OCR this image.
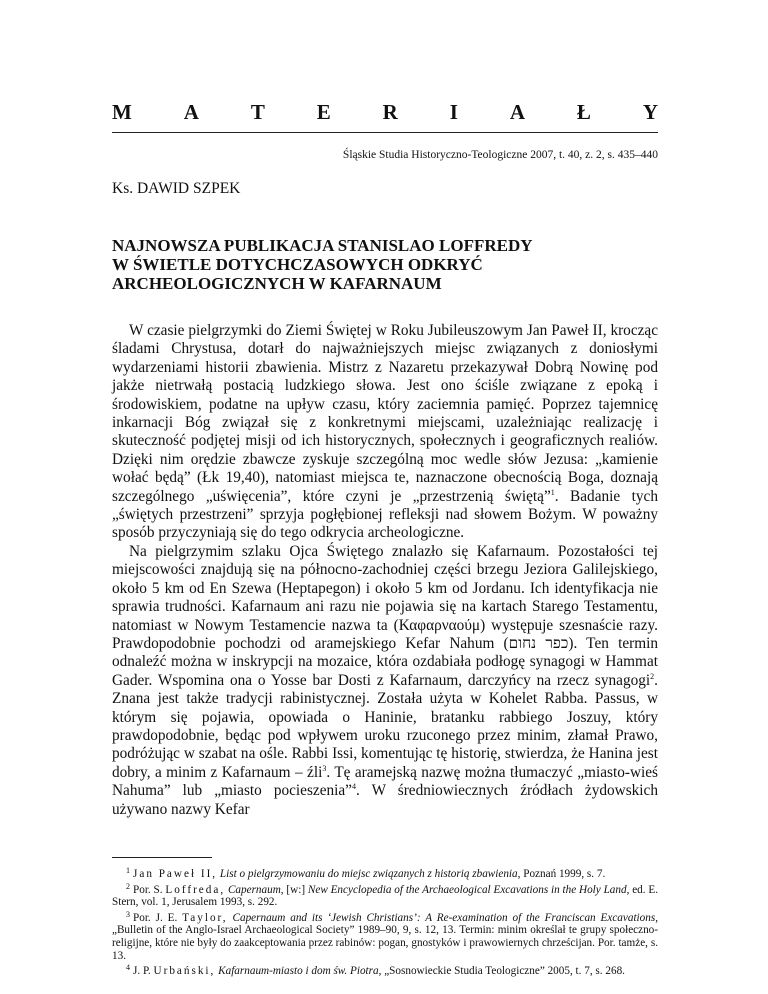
M A T E R I A Ł Y
Śląskie Studia Historyczno-Teologiczne 2007, t. 40, z. 2, s. 435–440
Ks. DAWID SZPEK
NAJNOWSZA PUBLIKACJA STANISLAO LOFFREDY
W ŚWIETLE DOTYCHCZASOWYCH ODKRYĆ
ARCHEOLOGICZNYCH W KAFARNAUM

W czasie pielgrzymki do Ziemi Świętej w Roku Jubileuszowym Jan Paweł II, krocząc śladami Chrystusa, dotarł do najważniejszych miejsc związanych z doniosłymi wydarzeniami historii zbawienia. Mistrz z Nazaretu przekazywał Dobrą Nowinę pod jakże nietrwałą postacią ludzkiego słowa. Jest ono ściśle związane z epoką i środowiskiem, podatne na upływ czasu, który zaciemnia pamięć. Poprzez tajemnicę inkarnacji Bóg związał się z konkretnymi miejscami, uzależniając realizację i skuteczność podjętej misji od ich historycznych, społecznych i geograficznych realiów. Dzięki nim orędzie zbawcze zyskuje szczególną moc wedle słów Jezusa: „kamienie wołać będą” (Łk 19,40), natomiast miejsca te, naznaczone obecnością Boga, doznają szczególnego „uświęcenia”, które czyni je „przestrzenią świętą”$^1$. Badanie tych „świętych przestrzeni” sprzyja pogłębionej refleksji nad słowem Bożym. W poważny sposób przyczyniają się do tego odkrycia archeologiczne.

Na pielgrzymim szlaku Ojca Świętego znalazło się Kafarnaum. Pozostałości tej miejscowości znajdują się na północno-zachodniej części brzegu Jeziora Galilejskiego, około 5 km od En Szewa (Heptapegon) i około 5 km od Jordanu. Ich identyfikacja nie sprawia trudności. Kafarnaum ani razu nie pojawia się na kartach Starego Testamentu, natomiast w Nowym Testamencie nazwa ta (Καφαρναούμ) występuje szesnaście razy. Prawdopodobnie pochodzi od aramejskiego Kefar Nahum (כפר נחום). Ten termin odnaleźć można w inskrypcji na mozaice, która ozdabiała podłogę synagogi w Hammat Gader. Wspomina ona o Yosse bar Dosti z Kafarnaum, darczyńcy na rzecz synagogi$^2$. Znana jest także tradycji rabinistycznej. Została użyta w Kohelet Rabba. Passus, w którym się pojawia, opowiada o Haninie, bratanku rabbiego Joszuy, który prawdopodobnie, będąc pod wpływem uroku rzuconego przez minim, złamał Prawo, podróżując w szabat na ośle. Rabbi Issi, komentując tę historię, stwierdza, że Hanina jest dobry, a minim z Kafarnaum – źli$^3$. Tę aramejską nazwę można tłumaczyć „miasto-wieś Nahuma” lub „miasto pocieszenia”$^4$. W średniowiecznych źródłach żydowskich używano nazwy Kefar

$^1$ Jan Paweł II, List o pielgrzymowaniu do miejsc związanych z historią zbawienia, Poznań 1999, s. 7.

$^2$ Por. S. Loffreda, Capernaum, [w:] New Encyclopedia of the Archaeological Excavations in the Holy Land, ed. E. Stern, vol. 1, Jerusalem 1993, s. 292.

$^3$ Por. J. E. Taylor, Capernaum and its ‘Jewish Christians’: A Re-examination of the Franciscan Excavations, „Bulletin of the Anglo-Israel Archaeological Society” 1989–90, 9, s. 12, 13. Termin: minim określał te grupy społeczno-religijne, które nie były do zaakceptowania przez rabinów: pogan, gnostyków i prawowiernych chrześcijan. Por. tamże, s. 13.

$^4$ J. P. Urbański, Kafarnaum-miasto i dom św. Piotra, „Sosnowieckie Studia Teologiczne” 2005, t. 7, s. 268.
